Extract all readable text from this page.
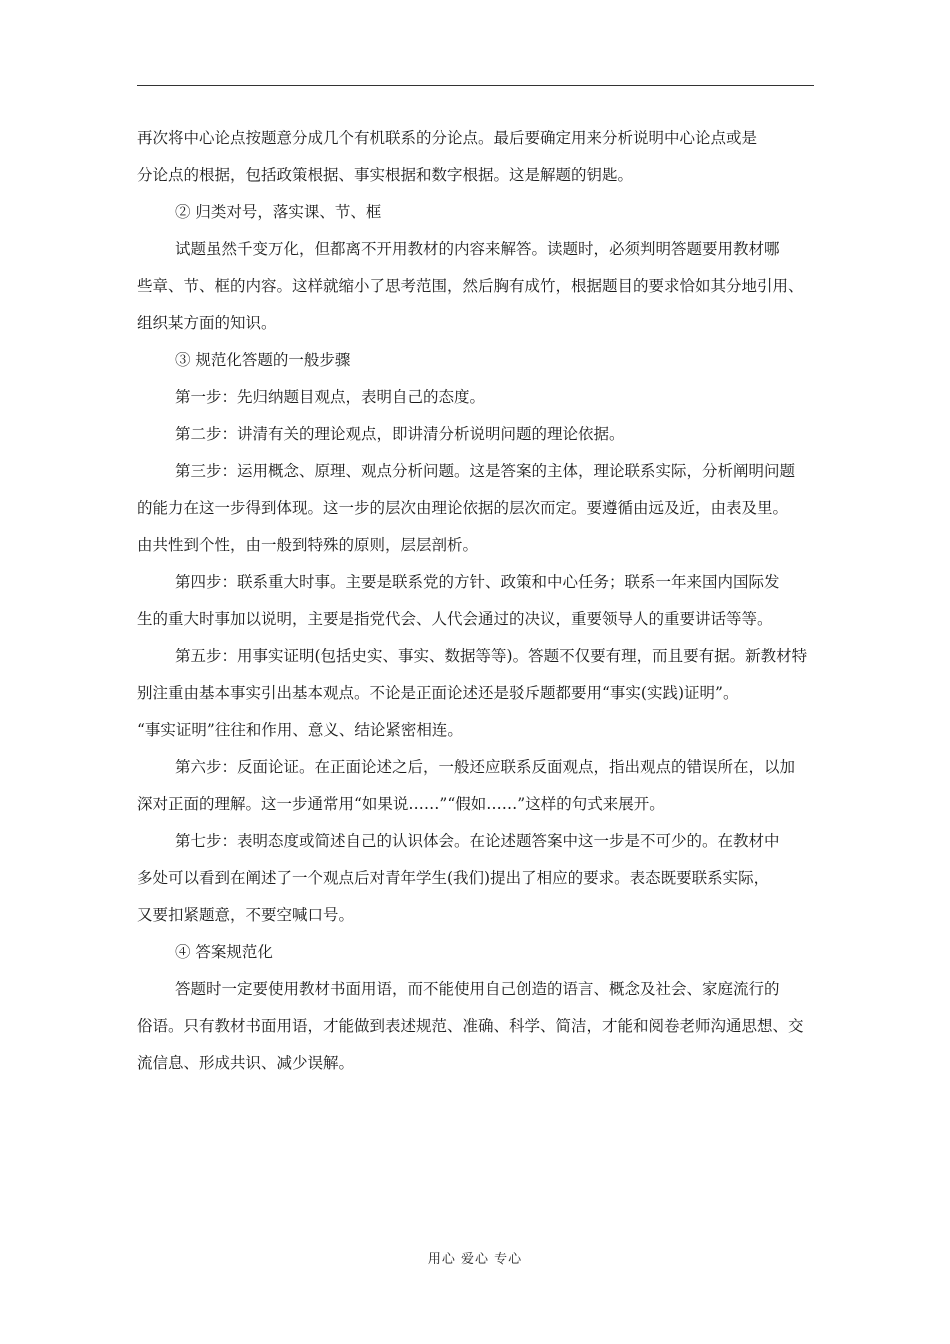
再次将中心论点按题意分成几个有机联系的分论点。最后要确定用来分析说明中心论点或是
分论点的根据，包括政策根据、事实根据和数字根据。这是解题的钥匙。
② 归类对号，落实课、节、框
试题虽然千变万化，但都离不开用教材的内容来解答。读题时，必须判明答题要用教材哪
些章、节、框的内容。这样就缩小了思考范围，然后胸有成竹，根据题目的要求恰如其分地引用、
组织某方面的知识。
③ 规范化答题的一般步骤
第一步：先归纳题目观点，表明自己的态度。
第二步：讲清有关的理论观点，即讲清分析说明问题的理论依据。
第三步：运用概念、原理、观点分析问题。这是答案的主体，理论联系实际，分析阐明问题
的能力在这一步得到体现。这一步的层次由理论依据的层次而定。要遵循由远及近，由表及里。
由共性到个性，由一般到特殊的原则，层层剖析。
第四步：联系重大时事。主要是联系党的方针、政策和中心任务；联系一年来国内国际发
生的重大时事加以说明，主要是指党代会、人代会通过的决议，重要领导人的重要讲话等等。
第五步：用事实证明(包括史实、事实、数据等等)。答题不仅要有理，而且要有据。新教材特
别注重由基本事实引出基本观点。不论是正面论述还是驳斥题都要用“事实(实践)证明”。
“事实证明”往往和作用、意义、结论紧密相连。
第六步：反面论证。在正面论述之后，一般还应联系反面观点，指出观点的错误所在，以加
深对正面的理解。这一步通常用“如果说……”“假如……”这样的句式来展开。
第七步：表明态度或简述自己的认识体会。在论述题答案中这一步是不可少的。在教材中
多处可以看到在阐述了一个观点后对青年学生(我们)提出了相应的要求。表态既要联系实际，
又要扣紧题意，不要空喊口号。
④ 答案规范化
答题时一定要使用教材书面用语，而不能使用自己创造的语言、概念及社会、家庭流行的
俗语。只有教材书面用语，才能做到表述规范、准确、科学、简洁，才能和阅卷老师沟通思想、交
流信息、形成共识、减少误解。
用心 爱心 专心
